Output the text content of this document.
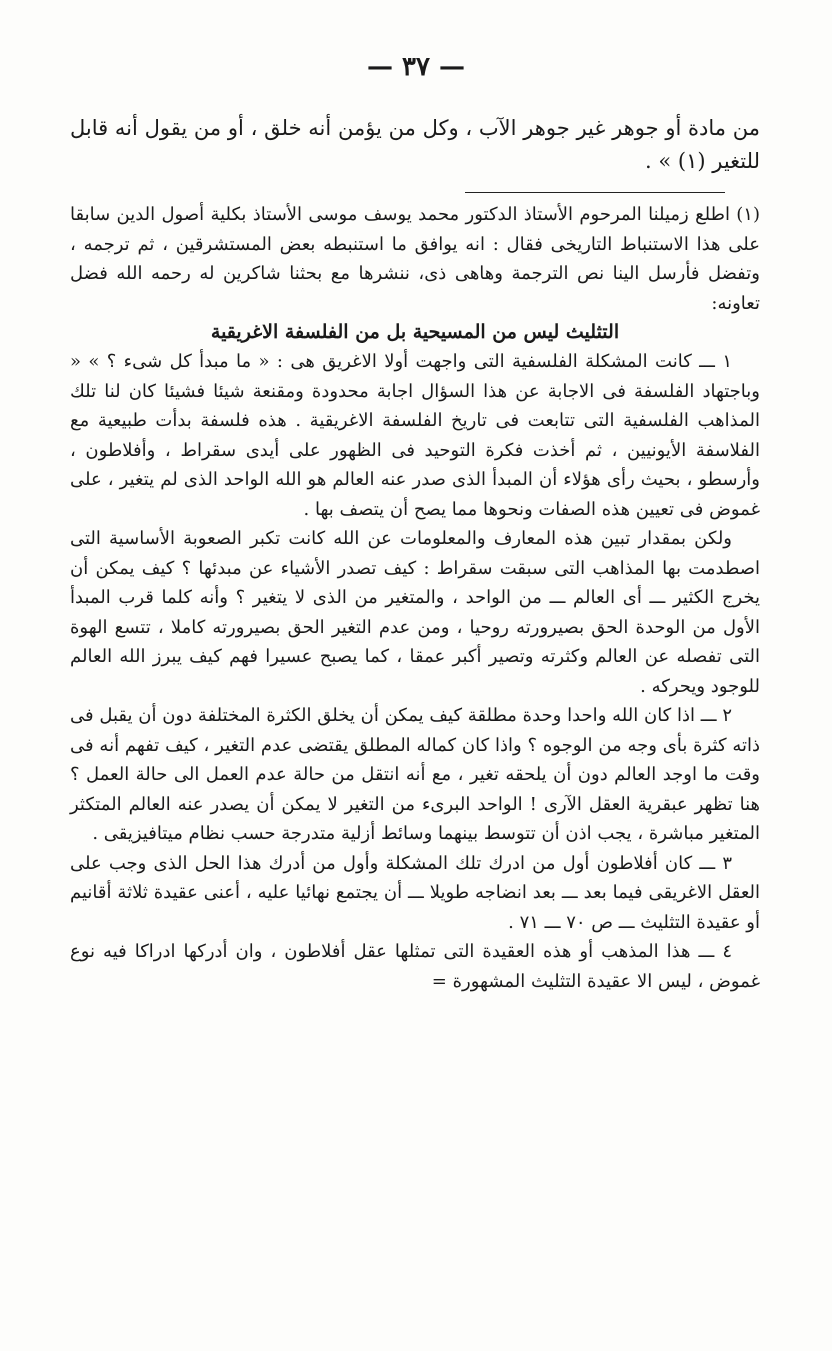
— ٣٧ —

من مادة أو جوهر غير جوهر الآب ، وكل من يؤمن أنه خلق ، أو من يقول أنه قابل للتغير (١) » .

(١) اطلع زميلنا المرحوم الأستاذ الدكتور محمد يوسف موسى الأستاذ بكلية أصول الدين سابقا على هذا الاستنباط التاريخى فقال : انه يوافق ما استنبطه بعض المستشرقين ، ثم ترجمه ، وتفضل فأرسل الينا نص الترجمة وهاهى ذى، ننشرها مع بحثنا شاكرين له رحمه الله فضل تعاونه:

التثليث ليس من المسيحية بل من الفلسفة الاغريقية

١ ـــ كانت المشكلة الفلسفية التى واجهت أولا الاغريق هى : « ما مبدأ كل شىء ؟ » « وباجتهاد الفلسفة فى الاجابة عن هذا السؤال اجابة محدودة ومقنعة شيئا فشيئا كان لنا تلك المذاهب الفلسفية التى تتابعت فى تاريخ الفلسفة الاغريقية . هذه فلسفة بدأت طبيعية مع الفلاسفة الأيونيين ، ثم أخذت فكرة التوحيد فى الظهور على أيدى سقراط ، وأفلاطون ، وأرسطو ، بحيث رأى هؤلاء أن المبدأ الذى صدر عنه العالم هو الله الواحد الذى لم يتغير ، على غموض فى تعيين هذه الصفات ونحوها مما يصح أن يتصف بها .

ولكن بمقدار تبين هذه المعارف والمعلومات عن الله كانت تكبر الصعوبة الأساسية التى اصطدمت بها المذاهب التى سبقت سقراط : كيف تصدر الأشياء عن مبدئها ؟ كيف يمكن أن يخرج الكثير ـــ أى العالم ـــ من الواحد ، والمتغير من الذى لا يتغير ؟ وأنه كلما قرب المبدأ الأول من الوحدة الحق بصيرورته روحيا ، ومن عدم التغير الحق بصيرورته كاملا ، تتسع الهوة التى تفصله عن العالم وكثرته وتصير أكبر عمقا ، كما يصبح عسيرا فهم كيف يبرز الله العالم للوجود ويحركه .

٢ ـــ اذا كان الله واحدا وحدة مطلقة كيف يمكن أن يخلق الكثرة المختلفة دون أن يقبل فى ذاته كثرة بأى وجه من الوجوه ؟ واذا كان كماله المطلق يقتضى عدم التغير ، كيف تفهم أنه فى وقت ما اوجد العالم دون أن يلحقه تغير ، مع أنه انتقل من حالة عدم العمل الى حالة العمل ؟ هنا تظهر عبقرية العقل الآرى ! الواحد البرىء من التغير لا يمكن أن يصدر عنه العالم المتكثر المتغير مباشرة ، يجب اذن أن تتوسط بينهما وسائط أزلية متدرجة حسب نظام ميتافيزيقى .

٣ ـــ كان أفلاطون أول من ادرك تلك المشكلة وأول من أدرك هذا الحل الذى وجب على العقل الاغريقى فيما بعد ـــ بعد انضاجه طويلا ـــ أن يجتمع نهائيا عليه ، أعنى عقيدة ثلاثة أقانيم أو عقيدة التثليث ـــ ص ٧٠ ـــ ٧١ .

٤ ـــ هذا المذهب أو هذه العقيدة التى تمثلها عقل أفلاطون ، وان أدركها ادراكا فيه نوع غموض ، ليس الا عقيدة التثليث المشهورة =
